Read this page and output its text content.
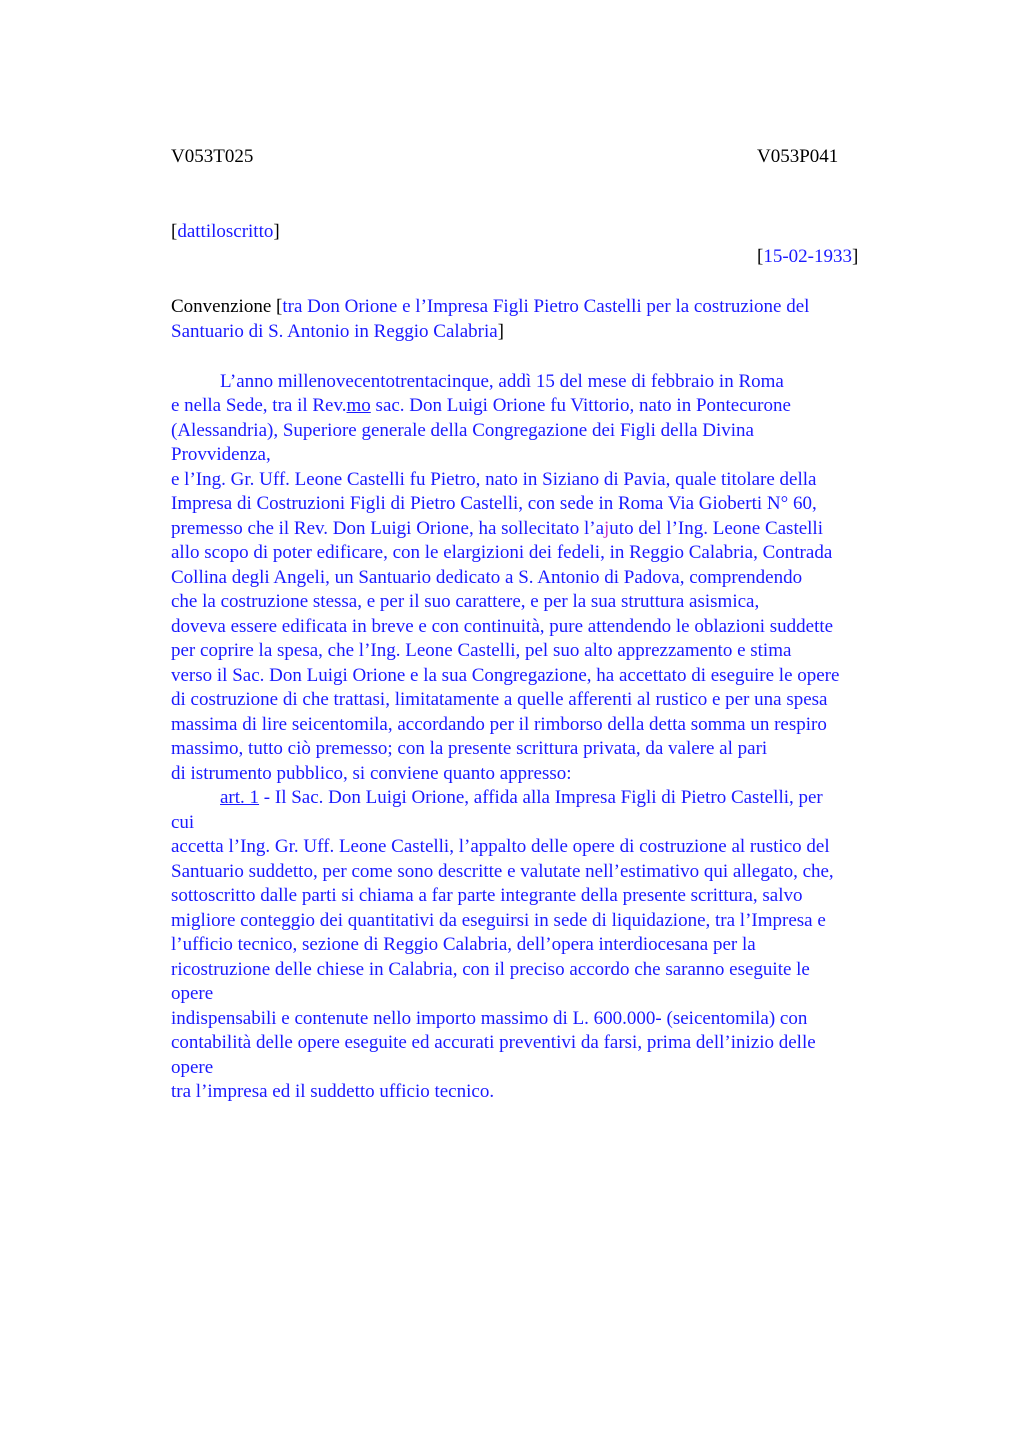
V053T025	V053P041
[dattiloscritto]
[15-02-1933]
Convenzione [tra Don Orione e l’Impresa Figli Pietro Castelli per la costruzione del
Santuario di S. Antonio in Reggio Calabria]
L’anno millenovecentotrentacinque, addì 15 del mese di febbraio in Roma
e nella Sede, tra il Rev.mo sac. Don Luigi Orione fu Vittorio, nato in Pontecurone
(Alessandria), Superiore generale della Congregazione dei Figli della Divina
Provvidenza,
e l’Ing. Gr. Uff. Leone Castelli fu Pietro, nato in Siziano di Pavia, quale titolare della
Impresa di Costruzioni Figli di Pietro Castelli, con sede in Roma Via Gioberti N° 60,
premesso che il Rev. Don Luigi Orione, ha sollecitato l’ajuto del l’Ing. Leone Castelli
allo scopo di poter edificare, con le elargizioni dei fedeli, in Reggio Calabria, Contrada
Collina degli Angeli, un Santuario dedicato a S. Antonio di Padova, comprendendo
che la costruzione stessa, e per il suo carattere, e per la sua struttura asismica,
doveva essere edificata in breve e con continuità, pure attendendo le oblazioni suddette
per coprire la spesa, che l’Ing. Leone Castelli, pel suo alto apprezzamento e stima
verso il Sac. Don Luigi Orione e la sua Congregazione, ha accettato di eseguire le opere
di costruzione di che trattasi, limitatamente a quelle afferenti al rustico e per una spesa
massima di lire seicentomila, accordando per il rimborso della detta somma un respiro
massimo, tutto ciò premesso; con la presente scrittura privata, da valere al pari
di istrumento pubblico, si conviene quanto appresso:
art. 1 - Il Sac. Don Luigi Orione, affida alla Impresa Figli di Pietro Castelli, per
cui
accetta l’Ing. Gr. Uff. Leone Castelli, l’appalto delle opere di costruzione al rustico del
Santuario suddetto, per come sono descritte e valutate nell’estimativo qui allegato, che,
sottoscritto dalle parti si chiama a far parte integrante della presente scrittura, salvo
migliore conteggio dei quantitativi da eseguirsi in sede di liquidazione, tra l’Impresa e
l’ufficio tecnico, sezione di Reggio Calabria, dell’opera interdiocesana per la
ricostruzione delle chiese in Calabria, con il preciso accordo che saranno eseguite le
opere
indispensabili e contenute nello importo massimo di L. 600.000- (seicentomila) con
contabilità delle opere eseguite ed accurati preventivi da farsi, prima dell’inizio delle
opere
tra l’impresa ed il suddetto ufficio tecnico.
